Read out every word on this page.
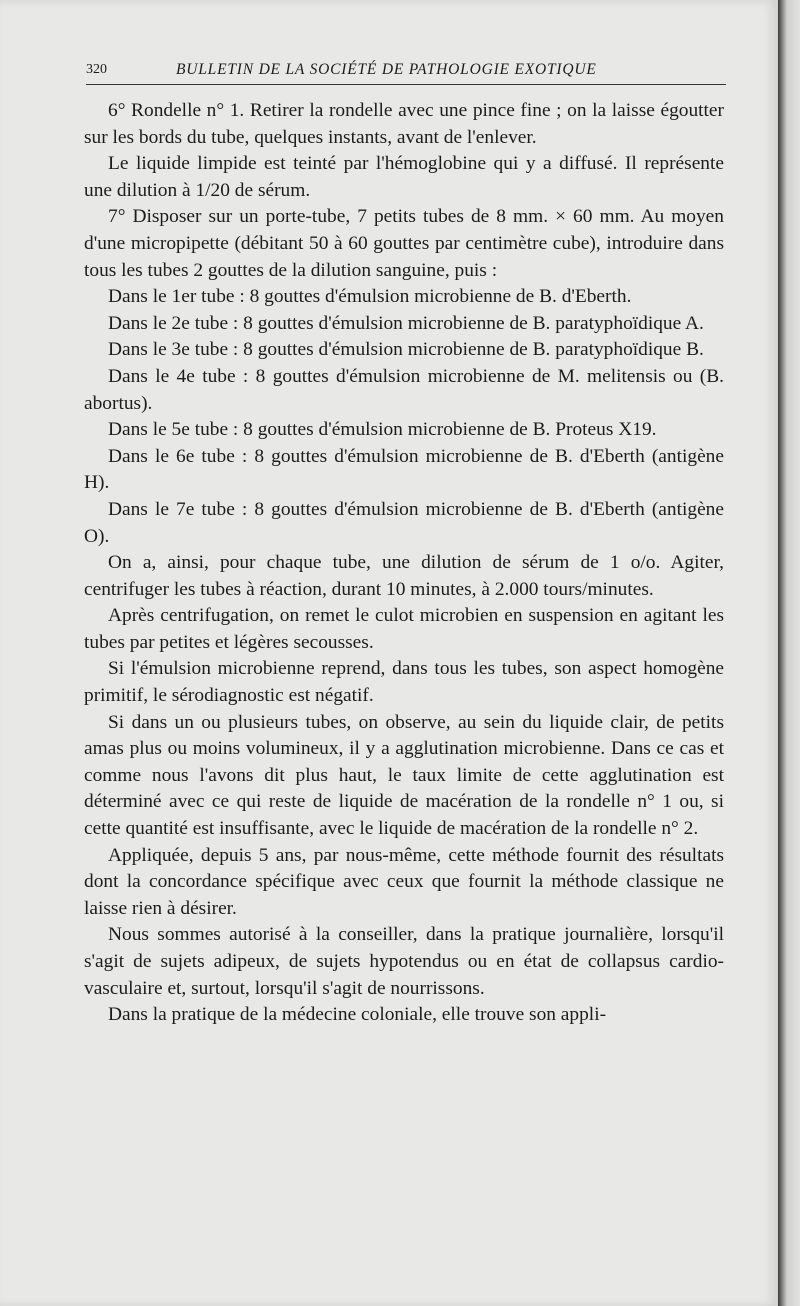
320	BULLETIN DE LA SOCIÉTÉ DE PATHOLOGIE EXOTIQUE

6° Rondelle n° 1. Retirer la rondelle avec une pince fine ; on la laisse égoutter sur les bords du tube, quelques instants, avant de l'enlever.

Le liquide limpide est teinté par l'hémoglobine qui y a diffusé. Il représente une dilution à 1/20 de sérum.

7° Disposer sur un porte-tube, 7 petits tubes de 8 mm. × 60 mm. Au moyen d'une micropipette (débitant 50 à 60 gouttes par centimètre cube), introduire dans tous les tubes 2 gouttes de la dilution sanguine, puis :

Dans le 1er tube : 8 gouttes d'émulsion microbienne de B. d'Eberth.

Dans le 2e tube : 8 gouttes d'émulsion microbienne de B. paratyphoïdique A.

Dans le 3e tube : 8 gouttes d'émulsion microbienne de B. paratyphoïdique B.

Dans le 4e tube : 8 gouttes d'émulsion microbienne de M. melitensis ou (B. abortus).

Dans le 5e tube : 8 gouttes d'émulsion microbienne de B. Proteus X19.

Dans le 6e tube : 8 gouttes d'émulsion microbienne de B. d'Eberth (antigène H).

Dans le 7e tube : 8 gouttes d'émulsion microbienne de B. d'Eberth (antigène O).

On a, ainsi, pour chaque tube, une dilution de sérum de 1 o/o. Agiter, centrifuger les tubes à réaction, durant 10 minutes, à 2.000 tours/minutes.

Après centrifugation, on remet le culot microbien en suspension en agitant les tubes par petites et légères secousses.

Si l'émulsion microbienne reprend, dans tous les tubes, son aspect homogène primitif, le sérodiagnostic est négatif.

Si dans un ou plusieurs tubes, on observe, au sein du liquide clair, de petits amas plus ou moins volumineux, il y a agglutination microbienne. Dans ce cas et comme nous l'avons dit plus haut, le taux limite de cette agglutination est déterminé avec ce qui reste de liquide de macération de la rondelle n° 1 ou, si cette quantité est insuffisante, avec le liquide de macération de la rondelle n° 2.

Appliquée, depuis 5 ans, par nous-même, cette méthode fournit des résultats dont la concordance spécifique avec ceux que fournit la méthode classique ne laisse rien à désirer.

Nous sommes autorisé à la conseiller, dans la pratique journalière, lorsqu'il s'agit de sujets adipeux, de sujets hypotendus ou en état de collapsus cardio-vasculaire et, surtout, lorsqu'il s'agit de nourrissons.

Dans la pratique de la médecine coloniale, elle trouve son appli-
